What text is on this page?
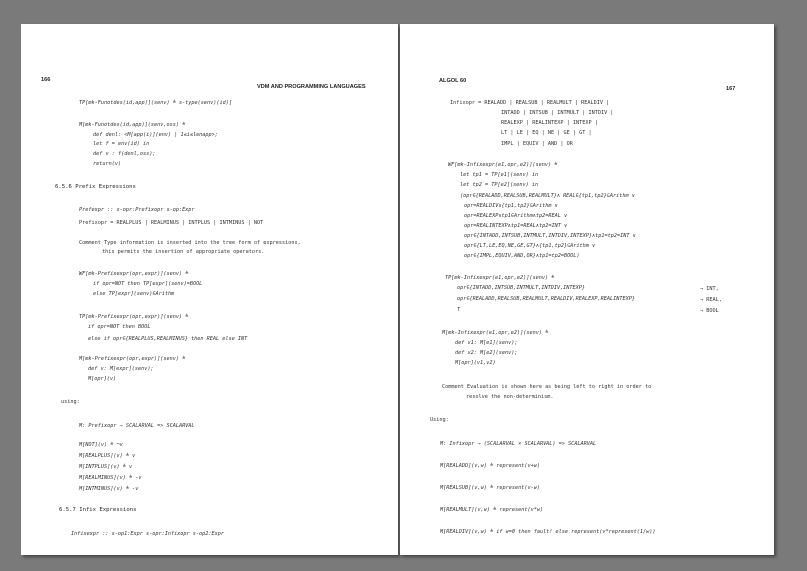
166
VDM AND PROGRAMMING LANGUAGES
TP[mk-Funotdes(id,app)](senv) ≜ s-type(senv)(id)]
M[mk-Funotdes(id,app)](senv,oss) ≜
def denl: <M[app(i)](env) | 1≤i≤lenapp>;
let f = env(id) in
def v : f(denl,oss);
return(v)
6.5.6 Prefix Expressions
Prefexpr :: s-opr:Prefixopr s-op:Expr
Prefixopr = REALPLUS | REALMINUS | INTPLUS | INTMINUS | NOT
Comment Type information is inserted into the tree form of expressions,
this permits the insertion of appropriate operators.
WF[mk-Prefixexpr(opr,expr)](senv) ≜
if opr=NOT then TP[expr](senv)=BOOL
else TP[expr](senv)∈Arithm
TP[mk-Prefixexpr(opr,expr)](senv) ≜
if opr=NOT then BOOL
else if opr∈{REALPLUS,REALMINUS} then REAL else INT
M[mk-Prefixexpr(opr,expr)](senv) ≜
def v: M[expr](senv);
M[opr](v)
using:
M: Prefixopr → SCALARVAL => SCALARVAL
M[NOT](v) ≜ ¬v
M[REALPLUS](v) ≜ v
M[INTPLUS](v) ≜ v
M[REALMINUS](v) ≜ -v
M[INTMINUS](v) ≜ -v
6.5.7 Infix Expressions
Infixexpr :: s-op1:Expr s-opr:Infixopr s-op2:Expr
ALGOL 60
167
Infixopr = REALADD | REALSUB | REALMULT | REALDIV |
INTADD | INTSUB | INTMULT | INTDIV |
REALEXP | REALINTEXP | INTEXP |
LT | LE | EQ | NE | GE | GT |
IMPL | EQUIV | AND | OR
WF[mk-Infixexpr(e1,opr,e2)](senv) ≜
let tp1 = TP[e1](senv) in
let tp2 = TP[e2](senv) in
(opr∈{REALADD,REALSUB,REALMULT}∧ REAL∈{tp1,tp2}⊆Arithm ∨
opr=REALDIV∧{tp1,tp2}⊆Arithm ∨
opr=REALEXP∧tp1∈Arithm∧tp2=REAL ∨
opr=REALINTEXP∧tp1=REAL∧tp2=INT ∨
opr∈{INTADD,INTSUB,INTMULT,INTDIV,INTEXP}∧tp1=tp2=INT ∨
opr∈{LT,LE,EQ,NE,GE,GT}∧{tp1,tp2}⊆Arithm ∨
opr∈{IMPL,EQUIV,AND,OR}∧tp1=tp2=BOOL)
TP[mk-Infixexpr(e1,opr,e2)](senv) ≜
opr∈{INTADD,INTSUB,INTMULT,INTDIV,INTEXP}
opr∈{REALADD,REALSUB,REALMULT,REALDIV,REALEXP,REALINTEXP}
T
→ INT,
→ REAL,
→ BOOL
M[mk-Infixexpr(e1,opr,e2)](senv) ≜
def v1: M[e1](senv);
def v2: M[e2](senv);
M[opr](v1,v2)
Comment Evaluation is shown here as being left to right in order to
resolve the non-determinism.
Using:
M: Infixopr → (SCALARVAL × SCALARVAL) => SCALARVAL
M[REALADD](v,w) ≜ represent(v+w)
M[REALSUB](v,w) ≜ represent(v-w)
M[REALMULT](v,w) ≜ represent(v*w)
M[REALDIV](v,w) ≜ if w=0 then fault! else represent(v*represent(1/w))
